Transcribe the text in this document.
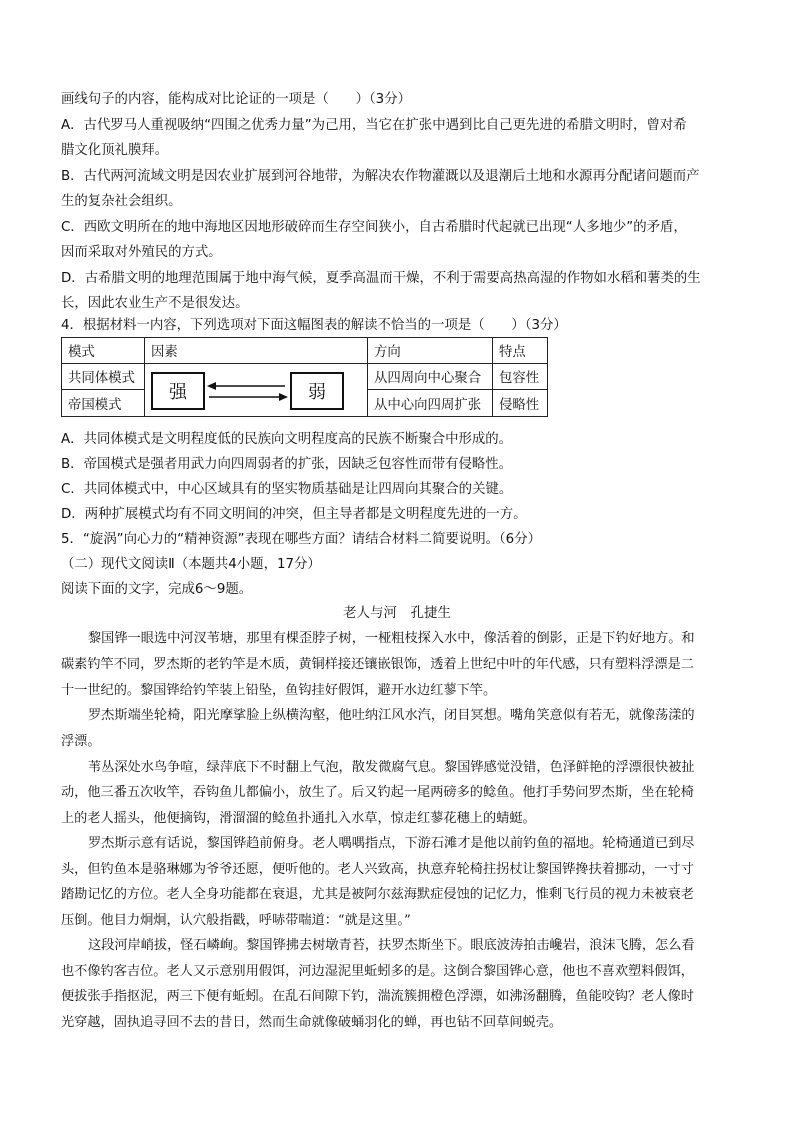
画线句子的内容，能构成对比论证的一项是（　　）（3分）
A．古代罗马人重视吸纳“四围之优秀力量”为己用，当它在扩张中遇到比自己更先进的希腊文明时，曾对希
腊文化顶礼膜拜。
B．古代两河流域文明是因农业扩展到河谷地带，为解决农作物灌溉以及退潮后土地和水源再分配诸问题而产
生的复杂社会组织。
C．西欧文明所在的地中海地区因地形破碎而生存空间狭小，自古希腊时代起就已出现“人多地少”的矛盾，
因而采取对外殖民的方式。
D．古希腊文明的地理范围属于地中海气候，夏季高温而干燥，不利于需要高热高湿的作物如水稻和薯类的生
长，因此农业生产不是很发达。
4．根据材料一内容，下列选项对下面这幅图表的解读不恰当的一项是（　　）（3分）
模式	因素	方向	特点
共同体模式	强 弱	从四周向中心聚合	包容性
帝国模式		从中心向四周扩张	侵略性
A．共同体模式是文明程度低的民族向文明程度高的民族不断聚合中形成的。
B．帝国模式是强者用武力向四周弱者的扩张，因缺乏包容性而带有侵略性。
C．共同体模式中，中心区域具有的坚实物质基础是让四周向其聚合的关键。
D．两种扩展模式均有不同文明间的冲突，但主导者都是文明程度先进的一方。
5．“旋涡”向心力的“精神资源”表现在哪些方面？请结合材料二简要说明。（6分）
（二）现代文阅读Ⅱ（本题共4小题，17分）
阅读下面的文字，完成6～9题。
老人与河　孔捷生
黎国铧一眼选中河汊苇塘，那里有棵歪脖子树，一桠粗枝探入水中，像活着的倒影，正是下钓好地方。和
碳素钓竿不同，罗杰斯的老钓竿是木质，黄铜样接还镶嵌银饰，透着上世纪中叶的年代感，只有塑料浮漂是二
十一世纪的。黎国铧给钓竿装上铅坠，鱼钩挂好假饵，避开水边红蓼下竿。
罗杰斯端坐轮椅，阳光摩挲脸上纵横沟壑，他吐纳江风水汽，闭目冥想。嘴角笑意似有若无，就像荡漾的
浮漂。
苇丛深处水鸟争喧，绿萍底下不时翻上气泡，散发微腐气息。黎国铧感觉没错，色泽鲜艳的浮漂很快被扯
动，他三番五次收竿，吞钩鱼儿都偏小，放生了。后又钓起一尾两磅多的鲶鱼。他打手势问罗杰斯，坐在轮椅
上的老人摇头，他便摘钩，滑溜溜的鲶鱼扑通扎入水草，惊走红蓼花穗上的蜻蜓。
罗杰斯示意有话说，黎国铧趋前俯身。老人喁喁指点，下游石滩才是他以前钓鱼的福地。轮椅通道已到尽
头，但钓鱼本是骆琳娜为爷爷还愿，便听他的。老人兴致高，执意弃轮椅拄拐杖让黎国铧搀扶着挪动，一寸寸
踏勘记忆的方位。老人全身功能都在衰退，尤其是被阿尔兹海默症侵蚀的记忆力，惟剩飞行员的视力未被衰老
压倒。他目力炯炯，认穴般指戳，呼哧带喘道：“就是这里。”
这段河岸峭拔，怪石嶙峋。黎国铧拂去树墩青苔，扶罗杰斯坐下。眼底波涛拍击巉岩，浪沫飞腾，怎么看
也不像钓客吉位。老人又示意别用假饵，河边湿泥里蚯蚓多的是。这倒合黎国铧心意，他也不喜欢塑料假饵，
便拔张手指抠泥，两三下便有蚯蚓。在乱石间隙下钓，湍流簇拥橙色浮漂，如沸汤翻腾，鱼能咬钩？老人像时
光穿越，固执追寻回不去的昔日，然而生命就像破蛹羽化的蝉，再也钻不回草间蜕壳。
